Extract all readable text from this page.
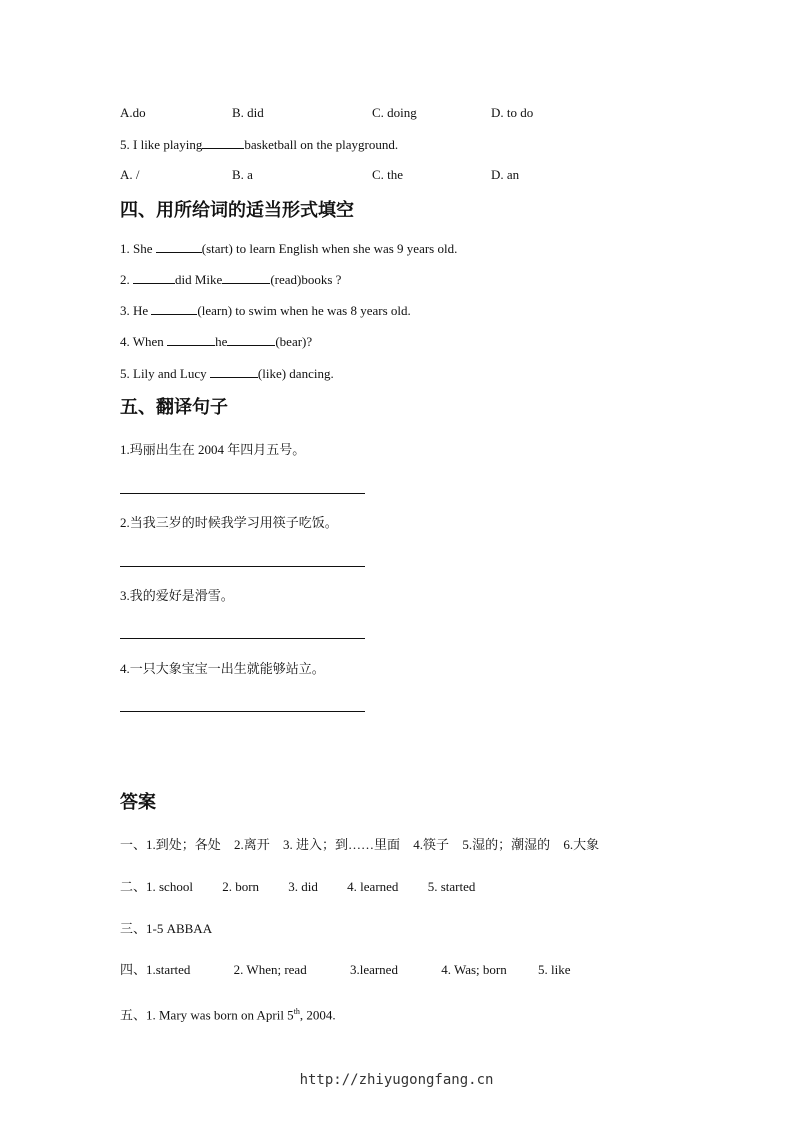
A.do	B. did	C. doing	D. to do
5. I like playing	basketball on the playground.
A. /	B. a	C. the	D. an
四、用所给词的适当形式填空
1. She	(start) to learn English when she was 9 years old.
2.	did Mike	(read)books ?
3. He	(learn) to swim when he was 8 years old.
4. When	he	(bear)?
5. Lily and Lucy	(like) dancing.
五、翻译句子
1.玛丽出生在 2004 年四月五号。
2.当我三岁的时候我学习用筷子吃饭。
3.我的爱好是滑雪。
4.一只大象宝宝一出生就能够站立。
答案
一、1.到处；各处 2.离开 3. 进入；到……里面 4.筷子 5.湿的；潮湿的 6.大象
二、1. school 2. born 3. did 4. learned 5. started
三、1-5 ABBAA
四、1.started	2. When; read	3.learned	4. Was; born 5. like
五、1. Mary was born on April 5th, 2004.
http://zhiyugongfang.cn
